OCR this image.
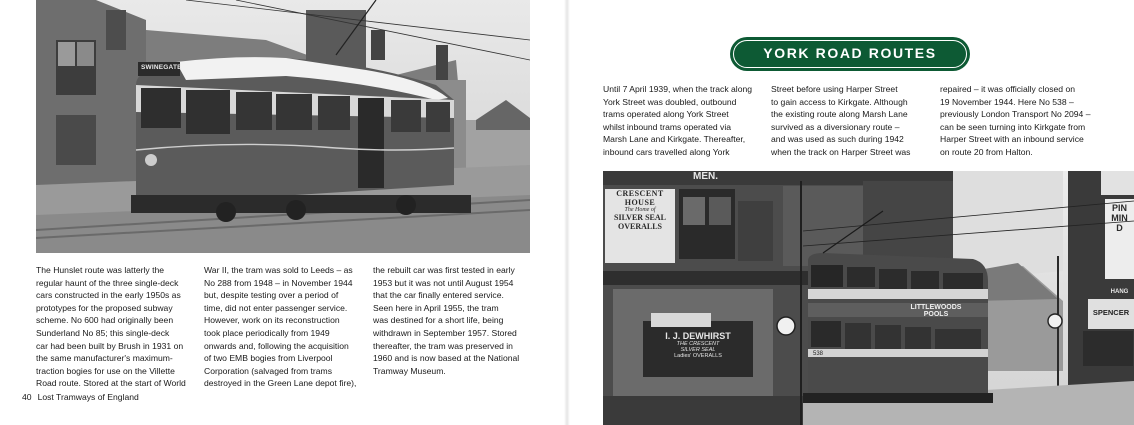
SWINEGATE
The Hunslet route was latterly the
regular haunt of the three single-deck
cars constructed in the early 1950s as
prototypes for the proposed subway
scheme. No 600 had originally been
Sunderland No 85; this single-deck
car had been built by Brush in 1931 on
the same manufacturer's maximum-
traction bogies for use on the Villette
Road route. Stored at the start of World
War II, the tram was sold to Leeds – as
No 288 from 1948 – in November 1944
but, despite testing over a period of
time, did not enter passenger service.
However, work on its reconstruction
took place periodically from 1949
onwards and, following the acquisition
of two EMB bogies from Liverpool
Corporation (salvaged from trams
destroyed in the Green Lane depot fire),
the rebuilt car was first tested in early
1953 but it was not until August 1954
that the car finally entered service.
Seen here in April 1955, the tram
was destined for a short life, being
withdrawn in September 1957. Stored
thereafter, the tram was preserved in
1960 and is now based at the National
Tramway Museum.
40 Lost Tramways of England
YORK ROAD ROUTES
Until 7 April 1939, when the track along
York Street was doubled, outbound
trams operated along York Street
whilst inbound trams operated via
Marsh Lane and Kirkgate. Thereafter,
inbound cars travelled along York
Street before using Harper Street
to gain access to Kirkgate. Although
the existing route along Marsh Lane
survived as a diversionary route –
and was used as such during 1942
when the track on Harper Street was
repaired – it was officially closed on
19 November 1944. Here No 538 –
previously London Transport No 2094 –
can be seen turning into Kirkgate from
Harper Street with an inbound service
on route 20 from Halton.
MEN.
CRESCENT
HOUSE
The Home of
SILVER SEAL
OVERALLS
I. J. DEWHIRST
THE CRESCENT
SILVER SEAL
Ladies' OVERALLS
LITTLEWOODS POOLS
538
PIN
MIN
D
HANG
SPENCER
